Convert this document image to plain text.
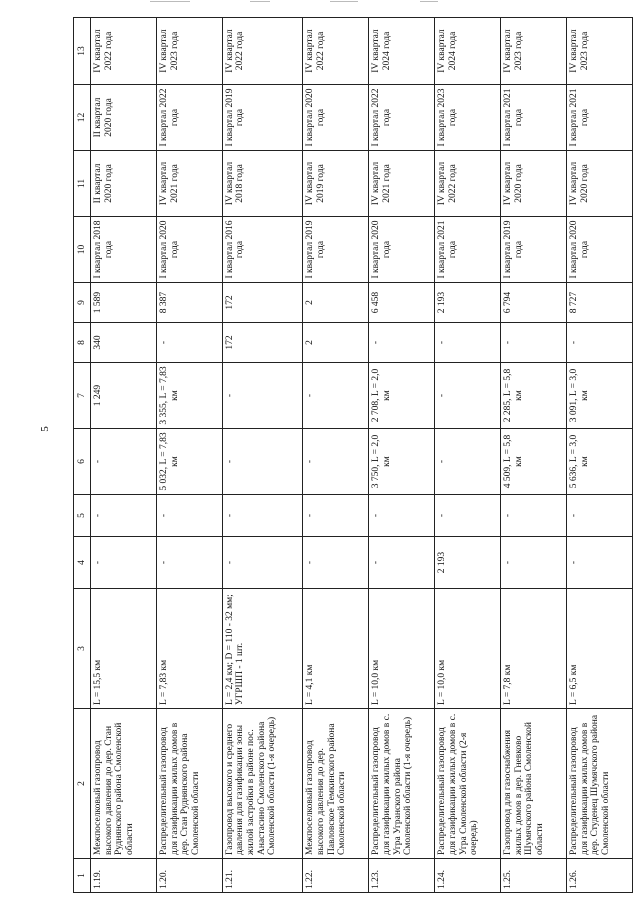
5
1	2	3	4	5	6	7	8	9	10	11	12	13
1.19.	Межпоселковый газопровод высокого давления до дер. Стан Руднянского района Смоленской области	L = 15,5 км	-	-	-	1 249	340	1 589	I квартал 2018 года	II квартал 2020 года	II квартал 2020 года	IV квартал 2022 года
1.20.	Распределительный газопровод для газификации жилых домов в дер. Стан Руднянского района Смоленской области	L = 7,83 км	-	-	5 032, L = 7,83 км	3 355, L = 7,83 км	-	8 387	I квартал 2020 года	IV квартал 2021 года	I квартал 2022 года	IV квартал 2023 года
1.21.	Газопровод высокого и среднего давления для газификации зоны жилой застройки в районе пос. Анастасино Смоленского района Смоленской области (1-я очередь)	L = 2,4 км; D = 110 - 32 мм; УГРШП - 1 шт.	-	-	-	-	172	172	I квартал 2016 года	IV квартал 2018 года	I квартал 2019 года	IV квартал 2022 года
1.22.	Межпоселковый газопровод высокого давления до дер. Павловское Темкинского района Смоленской области	L = 4,1 км	-	-	-	-	2	2	I квартал 2019 года	IV квартал 2019 года	I квартал 2020 года	IV квартал 2022 года
1.23.	Распределительный газопровод для газификации жилых домов в с. Угра Угранского района Смоленской области (1-я очередь)	L = 10,0 км	-	-	3 750, L = 2,0 км	2 708, L = 2,0 км	-	6 458	I квартал 2020 года	IV квартал 2021 года	I квартал 2022 года	IV квартал 2024 года
1.24.	Распределительный газопровод для газификации жилых домов в с. Угра Смоленской области (2-я очередь)	L = 10,0 км	2 193	-	-	-	-	2 193	I квартал 2021 года	IV квартал 2022 года	I квартал 2023 года	IV квартал 2024 года
1.25.	Газопровод для газоснабжения жилых домов в дер. Гневково Шумячского района Смоленской области	L = 7,8 км	-	-	4 509, L = 5,8 км	2 285, L = 5,8 км	-	6 794	I квартал 2019 года	IV квартал 2020 года	I квартал 2021 года	IV квартал 2023 года
1.26.	Распределительный газопровод для газификации жилых домов в дер. Студенец Шумячского района Смоленской области	L = 6,5 км	-	-	5 636, L = 3,0 км	3 091, L = 3,0 км	-	8 727	I квартал 2020 года	IV квартал 2020 года	I квартал 2021 года	IV квартал 2023 года
